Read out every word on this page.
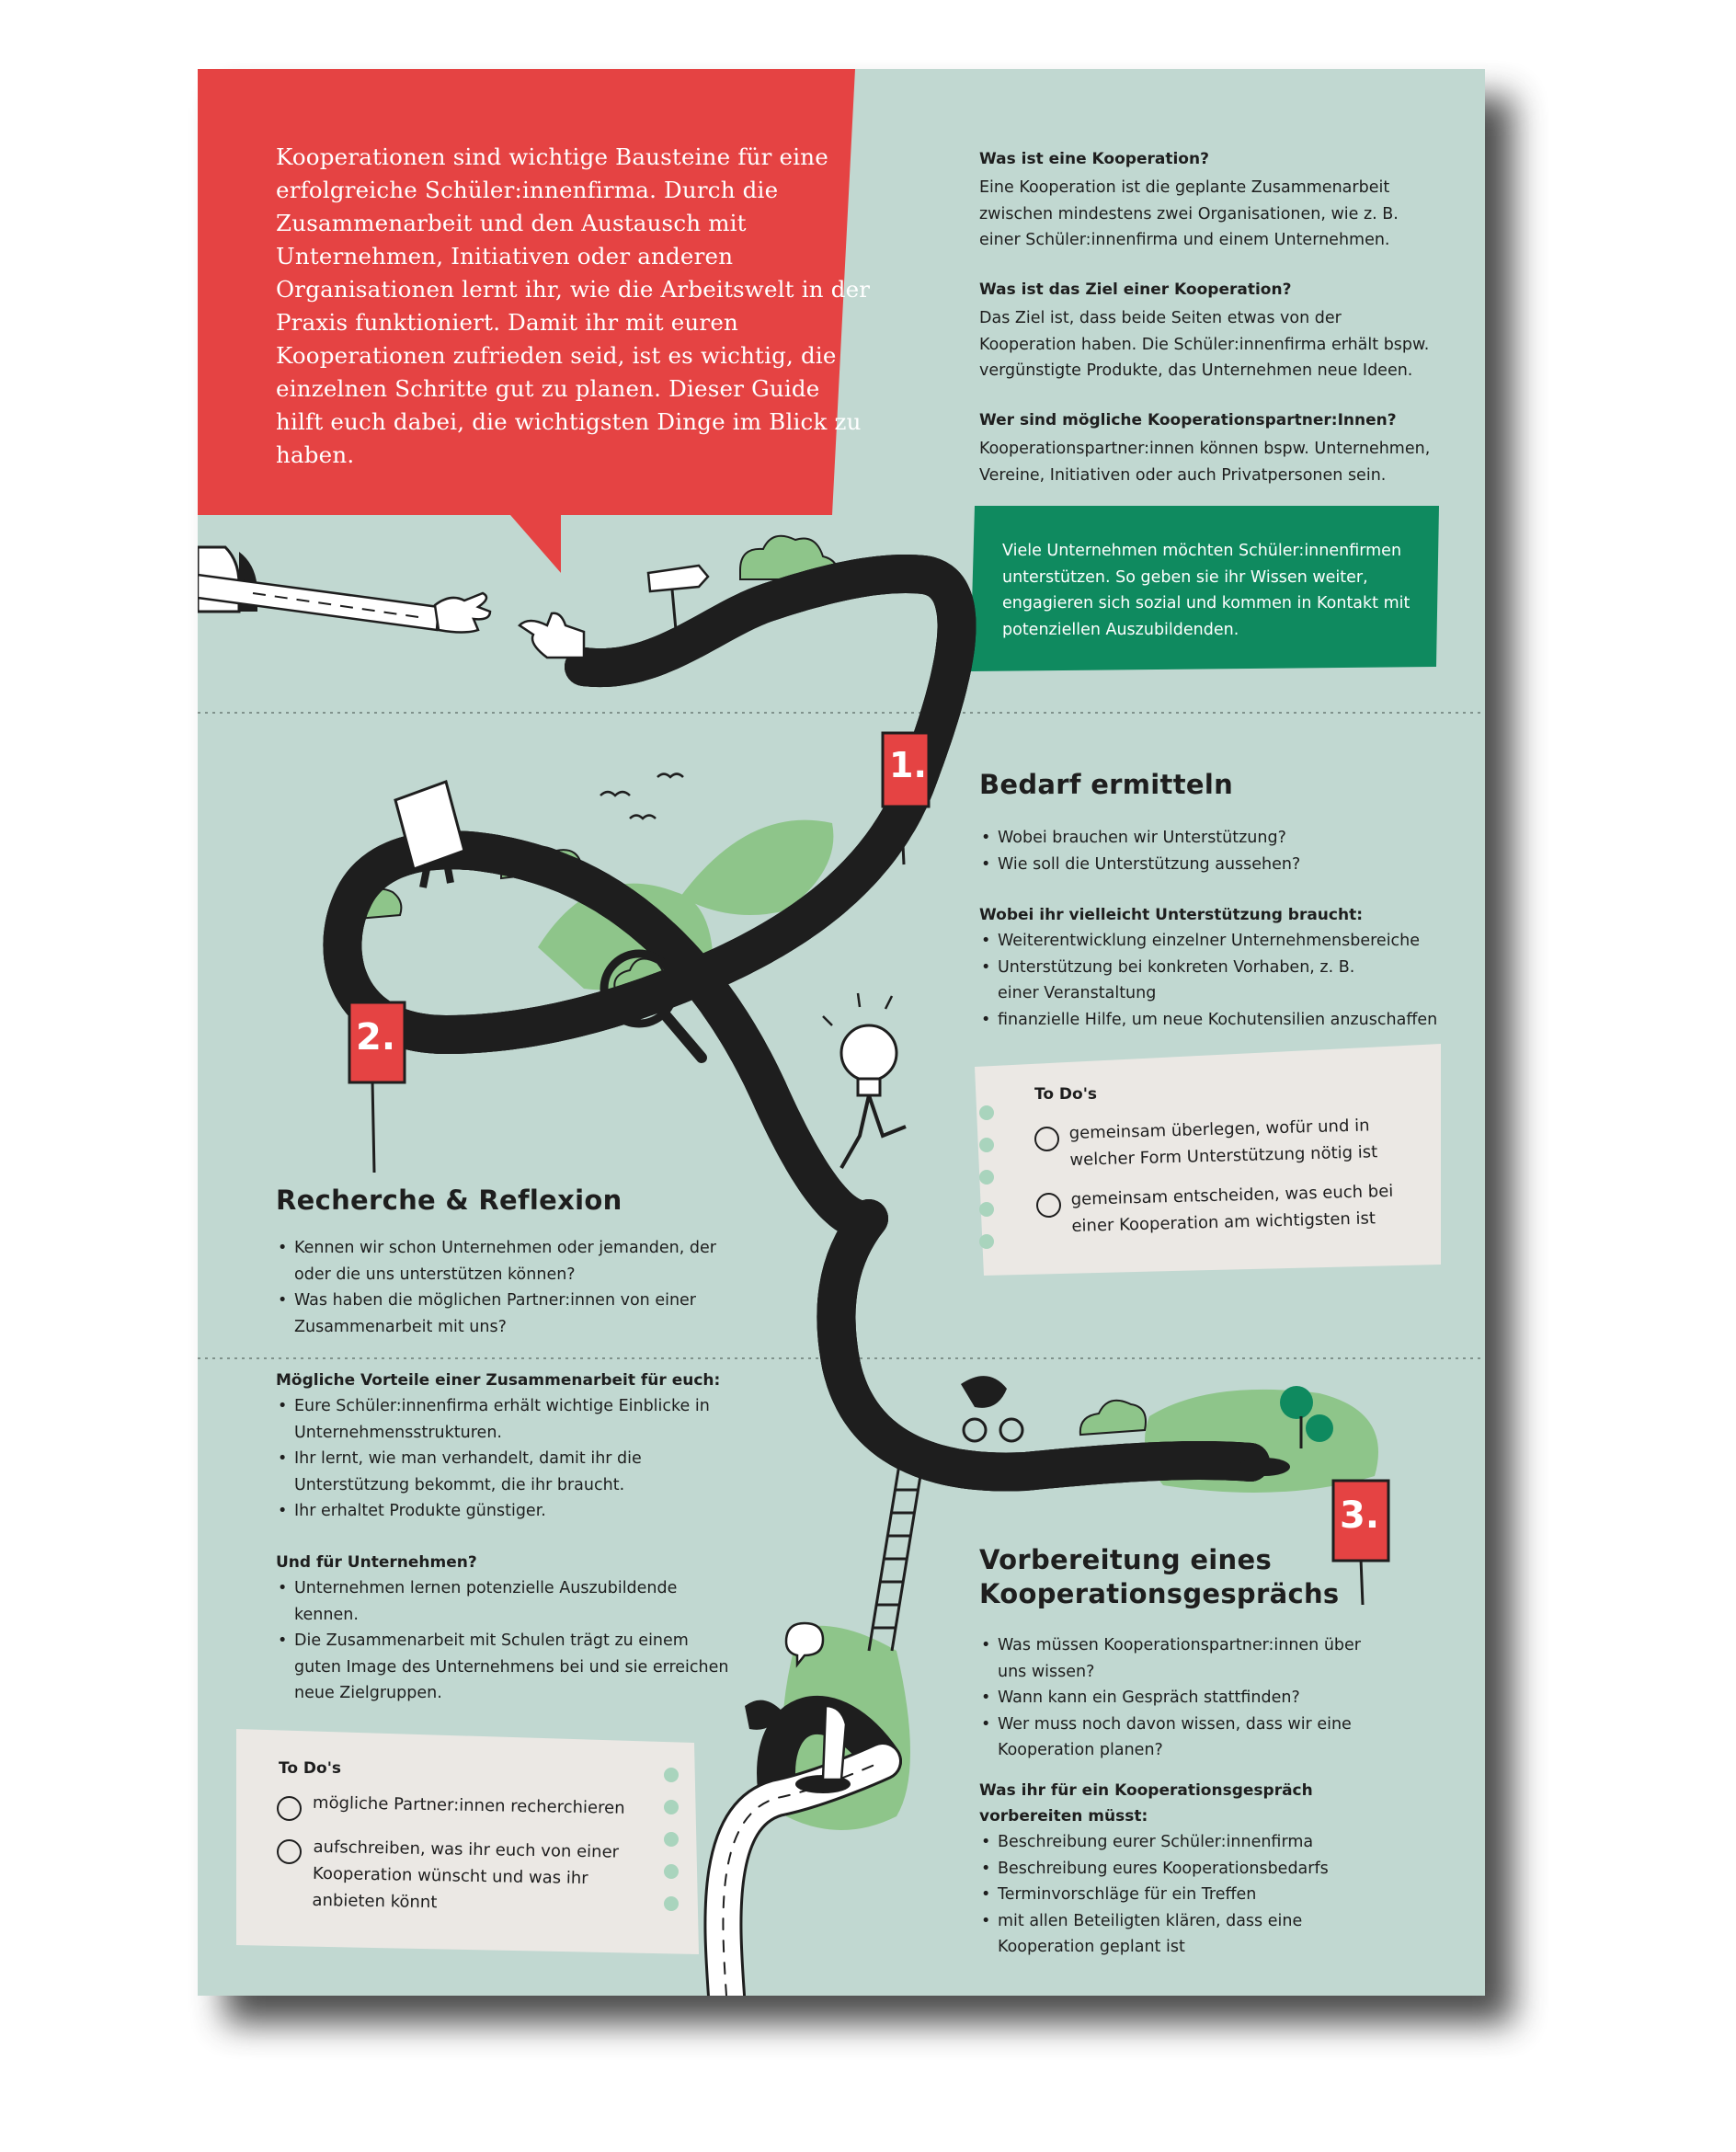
1.
2.
3.
Kooperationen sind wichtige Bausteine für eine erfolgreiche Schüler:innenfirma. Durch die Zusammenarbeit und den Austausch mit Unternehmen, Initiativen oder anderen Organisationen lernt ihr, wie die Arbeitswelt in der Praxis funktioniert. Damit ihr mit euren Kooperationen zufrieden seid, ist es wichtig, die einzelnen Schritte gut zu planen. Dieser Guide hilft euch dabei, die wichtigsten Dinge im Blick zu haben.
Was ist eine Kooperation?
Eine Kooperation ist die geplante Zusammenarbeit zwischen mindestens zwei Organisationen, wie z. B. einer Schüler:innenfirma und einem Unternehmen.
Was ist das Ziel einer Kooperation?
Das Ziel ist, dass beide Seiten etwas von der Kooperation haben. Die Schüler:innenfirma erhält bspw. vergünstigte Produkte, das Unternehmen neue Ideen.
Wer sind mögliche Kooperationspartner:Innen?
Kooperationspartner:innen können bspw. Unternehmen, Vereine, Initiativen oder auch Privatpersonen sein.
Viele Unternehmen möchten Schüler:innenfirmen unterstützen. So geben sie ihr Wissen weiter, engagieren sich sozial und kommen in Kontakt mit potenziellen Auszubildenden.
Bedarf ermitteln
• Wobei brauchen wir Unterstützung?
• Wie soll die Unterstützung aussehen?
Wobei ihr vielleicht Unterstützung braucht:
• Weiterentwicklung einzelner Unternehmensbereiche
• Unterstützung bei konkreten Vorhaben, z. B. einer Veranstaltung
• finanzielle Hilfe, um neue Kochutensilien anzuschaffen
To Do's
gemeinsam überlegen, wofür und in welcher Form Unterstützung nötig ist
gemeinsam entscheiden, was euch bei einer Kooperation am wichtigsten ist
Recherche & Reflexion
• Kennen wir schon Unternehmen oder jemanden, der oder die uns unterstützen können?
• Was haben die möglichen Partner:innen von einer Zusammenarbeit mit uns?
Mögliche Vorteile einer Zusammenarbeit für euch:
• Eure Schüler:innenfirma erhält wichtige Einblicke in Unternehmensstrukturen.
• Ihr lernt, wie man verhandelt, damit ihr die Unterstützung bekommt, die ihr braucht.
• Ihr erhaltet Produkte günstiger.
Und für Unternehmen?
• Unternehmen lernen potenzielle Auszubildende kennen.
• Die Zusammenarbeit mit Schulen trägt zu einem guten Image des Unternehmens bei und sie erreichen neue Zielgruppen.
To Do's
mögliche Partner:innen recherchieren
aufschreiben, was ihr euch von einer Kooperation wünscht und was ihr anbieten könnt
Vorbereitung eines Kooperationsgesprächs
• Was müssen Kooperationspartner:innen über uns wissen?
• Wann kann ein Gespräch stattfinden?
• Wer muss noch davon wissen, dass wir eine Kooperation planen?
Was ihr für ein Kooperationsgespräch vorbereiten müsst:
• Beschreibung eurer Schüler:innenfirma
• Beschreibung eures Kooperationsbedarfs
• Terminvorschläge für ein Treffen
• mit allen Beteiligten klären, dass eine Kooperation geplant ist
